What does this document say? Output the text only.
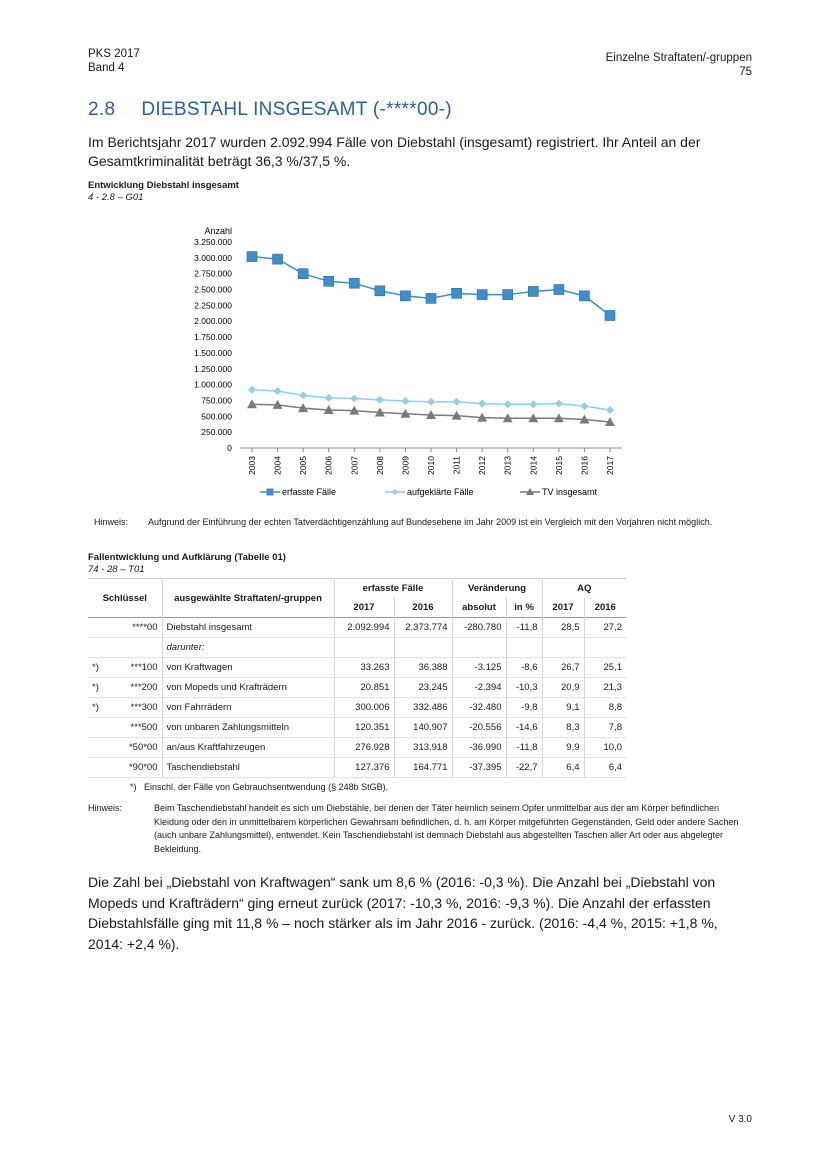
PKS 2017
Band 4
Einzelne Straftaten/-gruppen
75
2.8 DIEBSTAHL INSGESAMT (-****00-)
Im Berichtsjahr 2017 wurden 2.092.994 Fälle von Diebstahl (insgesamt) registriert. Ihr Anteil an der Gesamtkriminalität beträgt 36,3 %/37,5 %.
Entwicklung Diebstahl insgesamt
4 - 2.8 – G01
Anzahl
0
250.000
500.000
750.000
1.000.000
1.250.000
1.500.000
1.750.000
2.000.000
2.250.000
2.500.000
2.750.000
3.000.000
3.250.000
2003 2004 2005 2006 2007 2008 2009 2010 2011 2012 2013 2014 2015 2016 2017
erfasste Fälle	aufgeklärte Fälle	TV insgesamt
Hinweis: Aufgrund der Einführung der echten Tatverdächtigenzählung auf Bundesebene im Jahr 2009 ist ein Vergleich mit den Vorjahren nicht möglich.
Fallentwicklung und Aufklärung (Tabelle 01)
74 - 28 – T01
Schlüssel		ausgewählte Straftaten/-gruppen	erfasste Fälle		Veränderung		AQ	
			2017	2016	absolut	in %	2017	2016
	****00	Diebstahl insgesamt	2.092.994	2.373.774	-280.780	-11,8	28,5	27,2
		darunter:						
*)	***100	von Kraftwagen	33.263	36.388	-3.125	-8,6	26,7	25,1
*)	***200	von Mopeds und Krafträdern	20.851	23.245	-2.394	-10,3	20,9	21,3
*)	***300	von Fahrrädern	300.006	332.486	-32.480	-9,8	9,1	8,8
	***500	von unbaren Zahlungsmitteln	120.351	140.907	-20.556	-14,6	8,3	7,8
	*50*00	an/aus Kraftfahrzeugen	276.928	313.918	-36.990	-11,8	9,9	10,0
	*90*00	Taschendiebstahl	127.376	164.771	-37.395	-22,7	6,4	6,4
*) Einschl. der Fälle von Gebrauchsentwendung (§ 248b StGB).
Hinweis:	Beim Taschendiebstahl handelt es sich um Diebstähle, bei denen der Täter heimlich seinem Opfer unmittelbar aus der am Körper befindlichen Kleidung oder den in unmittelbarem körperlichen Gewahrsam befindlichen, d. h. am Körper mitgeführten Gegenständen, Geld oder andere Sachen (auch unbare Zahlungsmittel), entwendet. Kein Taschendiebstahl ist demnach Diebstahl aus abgestellten Taschen aller Art oder aus abgelegter Bekleidung.
Die Zahl bei „Diebstahl von Kraftwagen“ sank um 8,6 % (2016: -0,3 %). Die Anzahl bei „Diebstahl von Mopeds und Krafträdern“ ging erneut zurück (2017: -10,3 %, 2016: -9,3 %). Die Anzahl der erfassten Diebstahlsfälle ging mit 11,8 % – noch stärker als im Jahr 2016 - zurück. (2016: -4,4 %, 2015: +1,8 %, 2014: +2,4 %).
V 3.0
